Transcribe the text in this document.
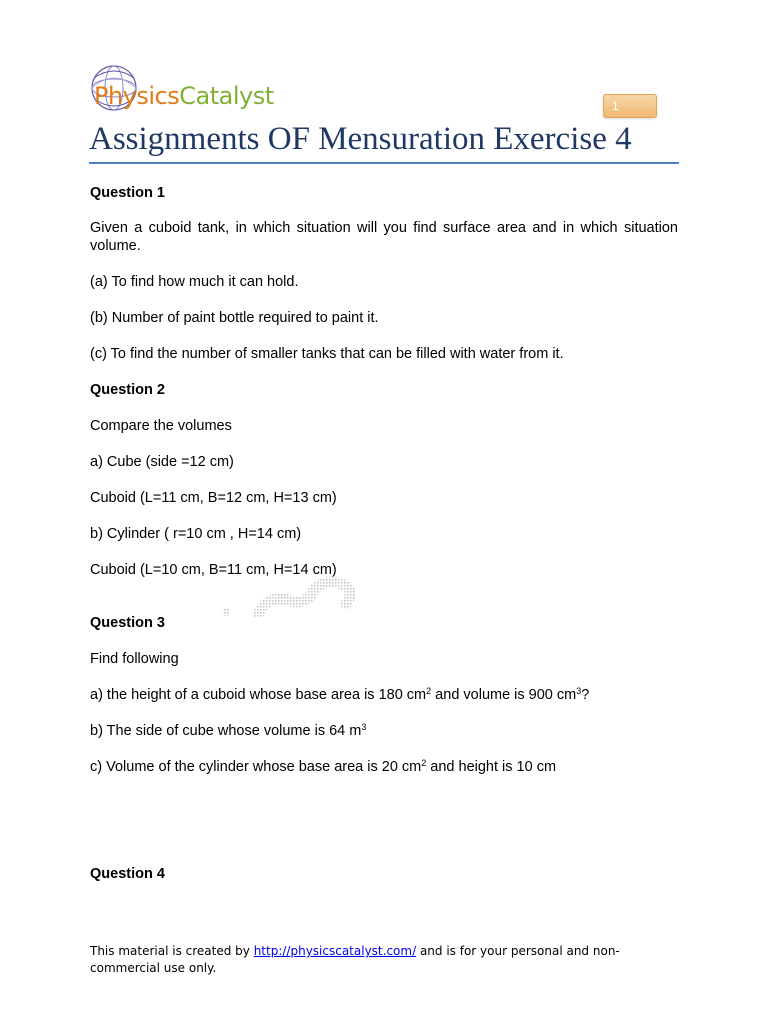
PhysicsCatalyst	1
Assignments OF Mensuration Exercise 4
Question 1
Given a cuboid tank, in which situation will you find surface area and in which situation volume.
(a) To find how much it can hold.
(b) Number of paint bottle required to paint it.
(c) To find the number of smaller tanks that can be filled with water from it.
Question 2
Compare the volumes
a) Cube (side =12 cm)
Cuboid (L=11 cm, B=12 cm, H=13 cm)
b) Cylinder ( r=10 cm , H=14 cm)
Cuboid (L=10 cm, B=11 cm, H=14 cm)
Question 3
Find following
a) the height of a cuboid whose base area is 180 $cm^2$ and volume is 900 $cm^3$?
b) The side of cube whose volume is 64 $m^3$
c) Volume of the cylinder whose base area is 20 $cm^2$ and height is 10 cm
Question 4
This material is created by http://physicscatalyst.com/ and is for your personal and non-commercial use only.
